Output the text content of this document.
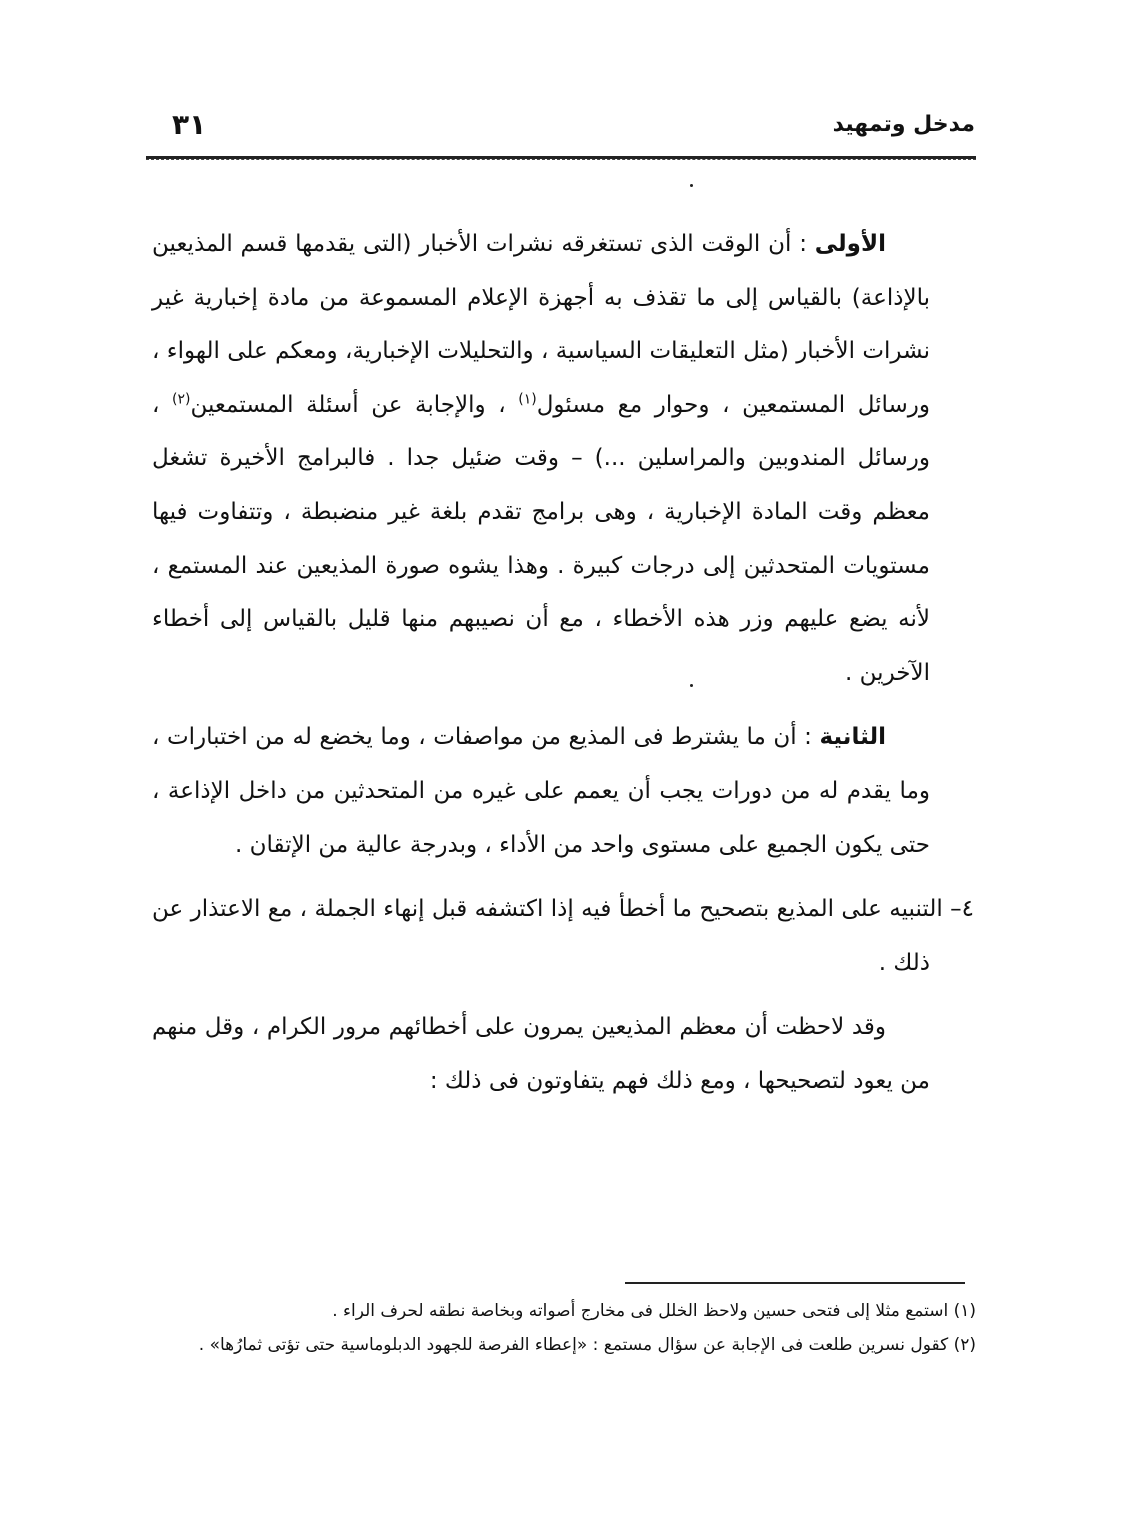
مدخل وتمهيد
٣١

الأولى : أن الوقت الذى تستغرقه نشرات الأخبار (التى يقدمها قسم المذيعين بالإذاعة) بالقياس إلى ما تقذف به أجهزة الإعلام المسموعة من مادة إخبارية غير نشرات الأخبار (مثل التعليقات السياسية ، والتحليلات الإخبارية، ومعكم على الهواء ، ورسائل المستمعين ، وحوار مع مسئول$^{(١)}$ ، والإجابة عن أسئلة المستمعين$^{(٢)}$ ، ورسائل المندوبين والمراسلين ...) – وقت ضئيل جدا . فالبرامج الأخيرة تشغل معظم وقت المادة الإخبارية ، وهى برامج تقدم بلغة غير منضبطة ، وتتفاوت فيها مستويات المتحدثين إلى درجات كبيرة . وهذا يشوه صورة المذيعين عند المستمع ، لأنه يضع عليهم وزر هذه الأخطاء ، مع أن نصيبهم منها قليل بالقياس إلى أخطاء الآخرين .

الثانية : أن ما يشترط فى المذيع من مواصفات ، وما يخضع له من اختبارات ، وما يقدم له من دورات يجب أن يعمم على غيره من المتحدثين من داخل الإذاعة ، حتى يكون الجميع على مستوى واحد من الأداء ، وبدرجة عالية من الإتقان .

٤– التنبيه على المذيع بتصحيح ما أخطأ فيه إذا اكتشفه قبل إنهاء الجملة ، مع الاعتذار عن ذلك .

وقد لاحظت أن معظم المذيعين يمرون على أخطائهم مرور الكرام ، وقل منهم من يعود لتصحيحها ، ومع ذلك فهم يتفاوتون فى ذلك :

(١) استمع مثلا إلى فتحى حسين ولاحظ الخلل فى مخارج أصواته وبخاصة نطقه لحرف الراء .

(٢) كقول نسرين طلعت فى الإجابة عن سؤال مستمع : «إعطاء الفرصة للجهود الدبلوماسية حتى تؤتى ثمارُها» .
